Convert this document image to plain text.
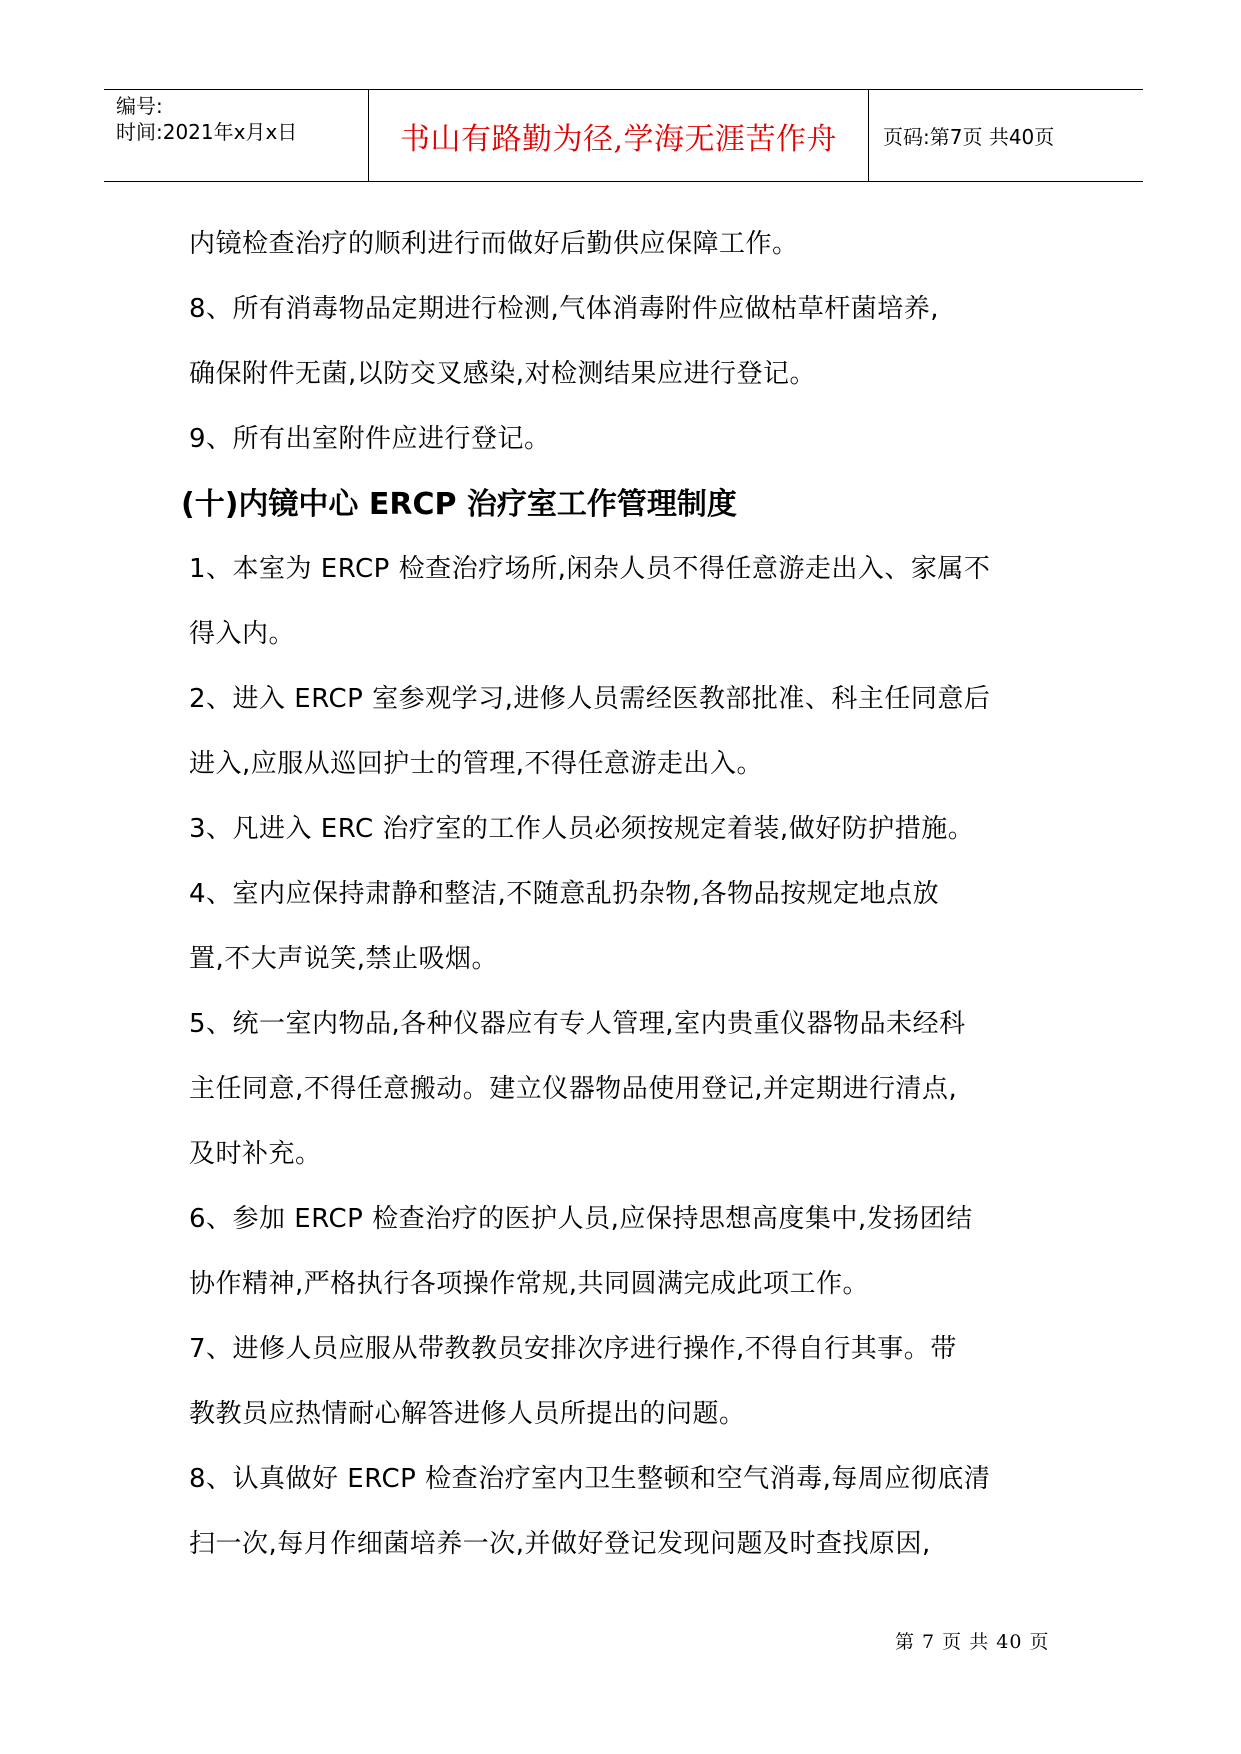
编号:
时间:2021年x月x日	书山有路勤为径,学海无涯苦作舟 页码:第7页 共40页
内镜检查治疗的顺利进行而做好后勤供应保障工作。
8、所有消毒物品定期进行检测,气体消毒附件应做枯草杆菌培养,
确保附件无菌,以防交叉感染,对检测结果应进行登记。
9、所有出室附件应进行登记。
(十)内镜中心 ERCP 治疗室工作管理制度
1、本室为 ERCP 检查治疗场所,闲杂人员不得任意游走出入、家属不
得入内。
2、进入 ERCP 室参观学习,进修人员需经医教部批准、科主任同意后
进入,应服从巡回护士的管理,不得任意游走出入。
3、凡进入 ERC 治疗室的工作人员必须按规定着装,做好防护措施。
4、室内应保持肃静和整洁,不随意乱扔杂物,各物品按规定地点放
置,不大声说笑,禁止吸烟。
5、统一室内物品,各种仪器应有专人管理,室内贵重仪器物品未经科
主任同意,不得任意搬动。建立仪器物品使用登记,并定期进行清点,
及时补充。
6、参加 ERCP 检查治疗的医护人员,应保持思想高度集中,发扬团结
协作精神,严格执行各项操作常规,共同圆满完成此项工作。
7、进修人员应服从带教教员安排次序进行操作,不得自行其事。带
教教员应热情耐心解答进修人员所提出的问题。
8、认真做好 ERCP 检查治疗室内卫生整顿和空气消毒,每周应彻底清
扫一次,每月作细菌培养一次,并做好登记发现问题及时查找原因,
第 7 页 共 40 页
